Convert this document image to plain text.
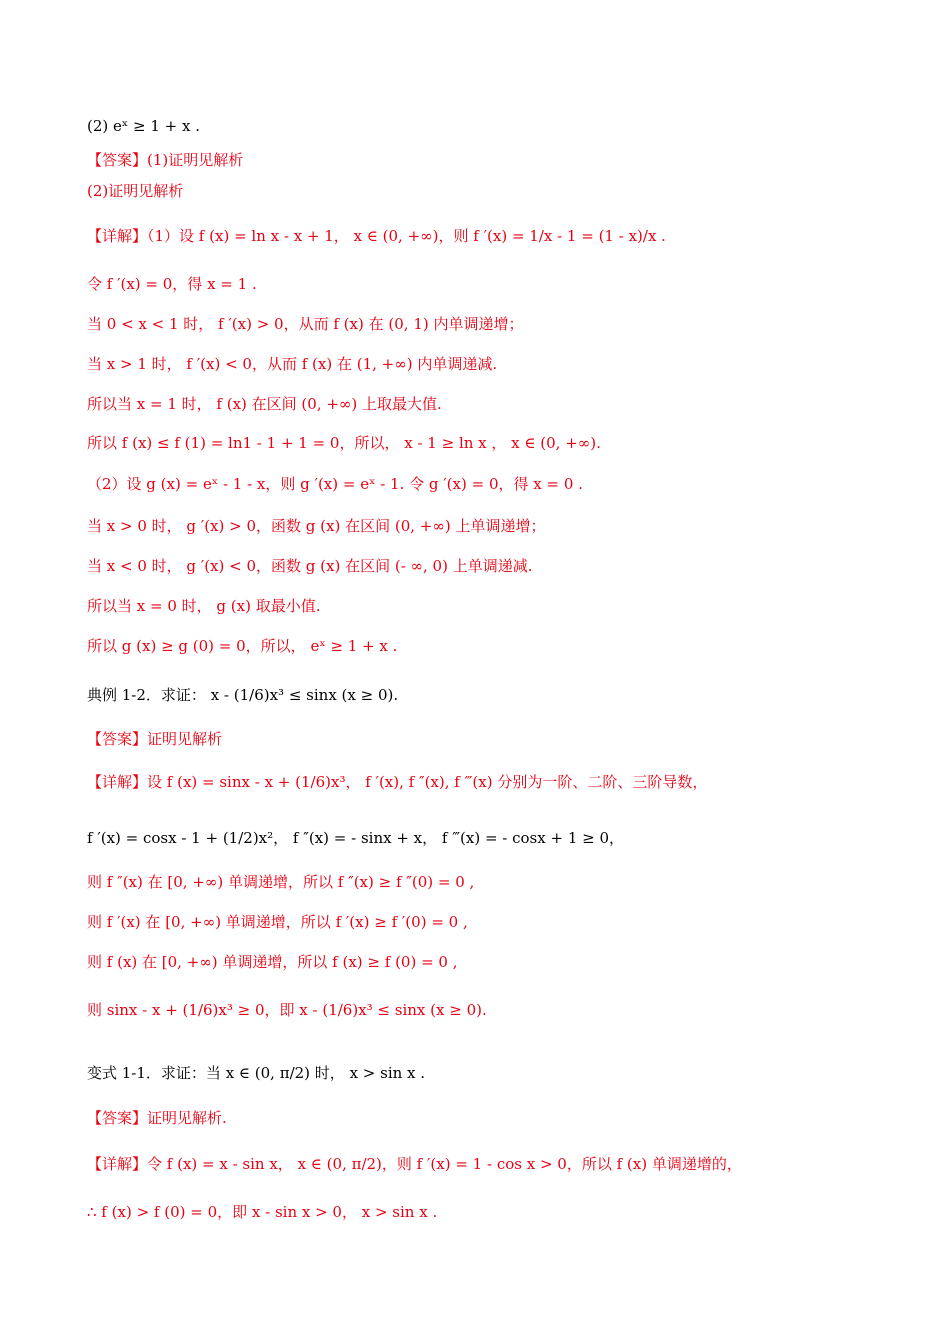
(2) eˣ ≥ 1 + x .
【答案】(1)证明见解析
(2)证明见解析
【详解】（1）设 f (x) = ln x - x + 1， x ∈ (0, +∞)，则 f ′(x) = 1/x - 1 = (1 - x)/x .
令 f ′(x) = 0，得 x = 1 .
当 0 < x < 1 时， f ′(x) > 0，从而 f (x) 在 (0, 1) 内单调递增；
当 x > 1 时， f ′(x) < 0，从而 f (x) 在 (1, +∞) 内单调递减.
所以当 x = 1 时， f (x) 在区间 (0, +∞) 上取最大值.
所以 f (x) ≤ f (1) = ln1 - 1 + 1 = 0，所以， x - 1 ≥ ln x ， x ∈ (0, +∞).
（2）设 g (x) = eˣ - 1 - x，则 g ′(x) = eˣ - 1. 令 g ′(x) = 0，得 x = 0 .
当 x > 0 时， g ′(x) > 0，函数 g (x) 在区间 (0, +∞) 上单调递增；
当 x < 0 时， g ′(x) < 0，函数 g (x) 在区间 (- ∞, 0) 上单调递减.
所以当 x = 0 时， g (x) 取最小值.
所以 g (x) ≥ g (0) = 0，所以， eˣ ≥ 1 + x .
典例 1-2．求证： x - (1/6)x³ ≤ sinx (x ≥ 0).
【答案】证明见解析
【详解】设 f (x) = sinx - x + (1/6)x³， f ′(x), f ″(x), f ‴(x) 分别为一阶、二阶、三阶导数，
f ′(x) = cosx - 1 + (1/2)x²， f ″(x) = - sinx + x， f ‴(x) = - cosx + 1 ≥ 0，
则 f ″(x) 在 [0, +∞) 单调递增，所以 f ″(x) ≥ f ″(0) = 0 ,
则 f ′(x) 在 [0, +∞) 单调递增，所以 f ′(x) ≥ f ′(0) = 0 ,
则 f (x) 在 [0, +∞) 单调递增，所以 f (x) ≥ f (0) = 0 ,
则 sinx - x + (1/6)x³ ≥ 0，即 x - (1/6)x³ ≤ sinx (x ≥ 0).
变式 1-1．求证：当 x ∈ (0, π/2) 时， x > sin x .
【答案】证明见解析.
【详解】令 f (x) = x - sin x， x ∈ (0, π/2)，则 f ′(x) = 1 - cos x > 0，所以 f (x) 单调递增的，
∴ f (x) > f (0) = 0，即 x - sin x > 0， x > sin x .
